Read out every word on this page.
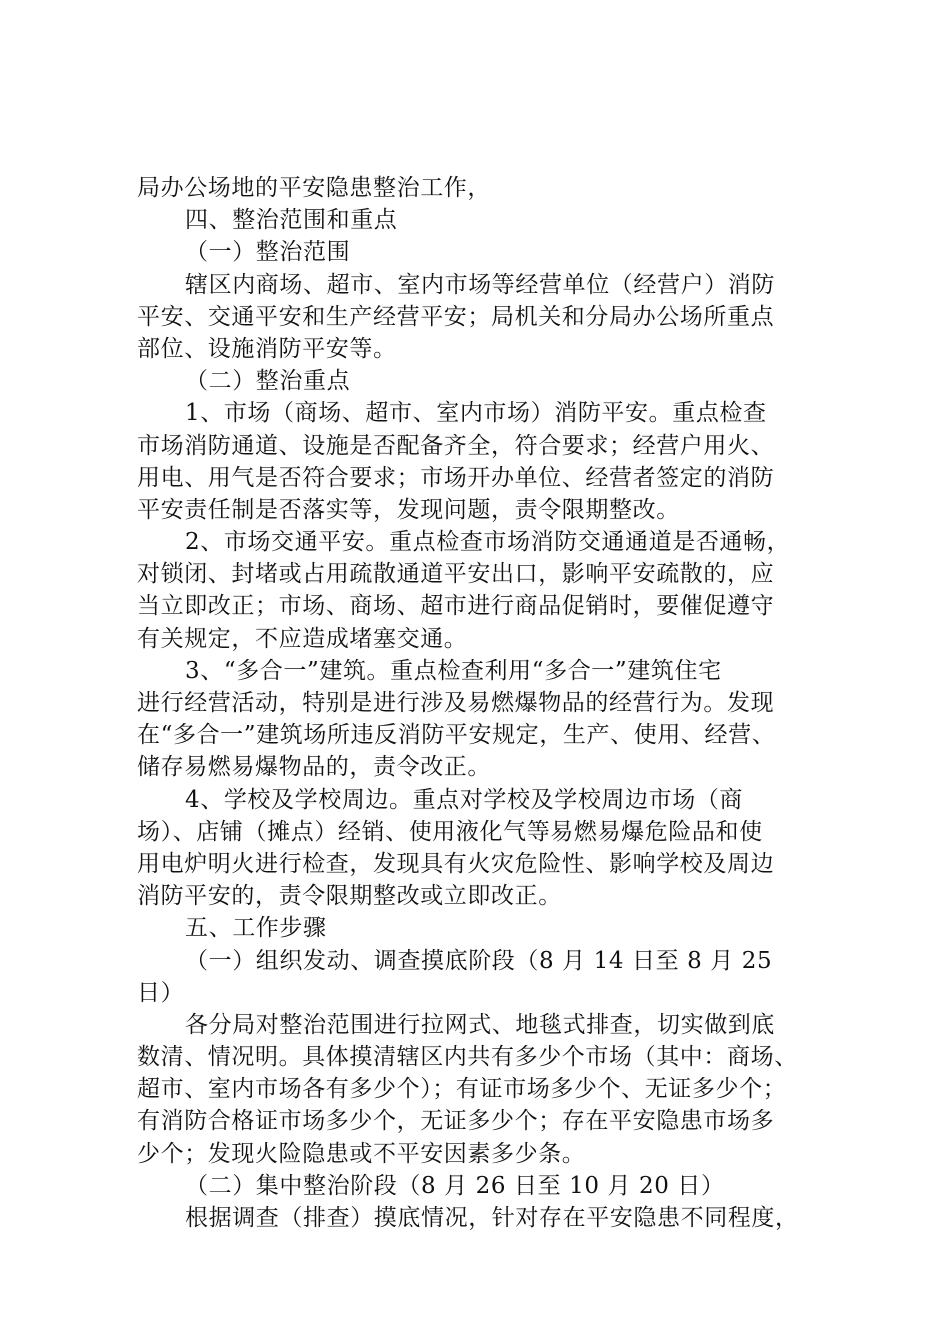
局办公场地的平安隐患整治工作，
四、整治范围和重点
（一）整治范围
辖区内商场、超市、室内市场等经营单位（经营户）消防
平安、交通平安和生产经营平安；局机关和分局办公场所重点
部位、设施消防平安等。
（二）整治重点
1、市场（商场、超市、室内市场）消防平安。重点检查
市场消防通道、设施是否配备齐全，符合要求；经营户用火、
用电、用气是否符合要求；市场开办单位、经营者签定的消防
平安责任制是否落实等，发现问题，责令限期整改。
2、市场交通平安。重点检查市场消防交通通道是否通畅，
对锁闭、封堵或占用疏散通道平安出口，影响平安疏散的，应
当立即改正；市场、商场、超市进行商品促销时，要催促遵守
有关规定，不应造成堵塞交通。
3、“多合一”建筑。重点检查利用“多合一”建筑住宅
进行经营活动，特别是进行涉及易燃爆物品的经营行为。发现
在“多合一”建筑场所违反消防平安规定，生产、使用、经营、
储存易燃易爆物品的，责令改正。
4、学校及学校周边。重点对学校及学校周边市场（商
场）、店铺（摊点）经销、使用液化气等易燃易爆危险品和使
用电炉明火进行检查，发现具有火灾危险性、影响学校及周边
消防平安的，责令限期整改或立即改正。
五、工作步骤
（一）组织发动、调查摸底阶段（8 月 14 日至 8 月 25
日）
各分局对整治范围进行拉网式、地毯式排查，切实做到底
数清、情况明。具体摸清辖区内共有多少个市场（其中：商场、
超市、室内市场各有多少个）；有证市场多少个、无证多少个；
有消防合格证市场多少个，无证多少个；存在平安隐患市场多
少个；发现火险隐患或不平安因素多少条。
（二）集中整治阶段（8 月 26 日至 10 月 20 日）
根据调查（排查）摸底情况，针对存在平安隐患不同程度，
